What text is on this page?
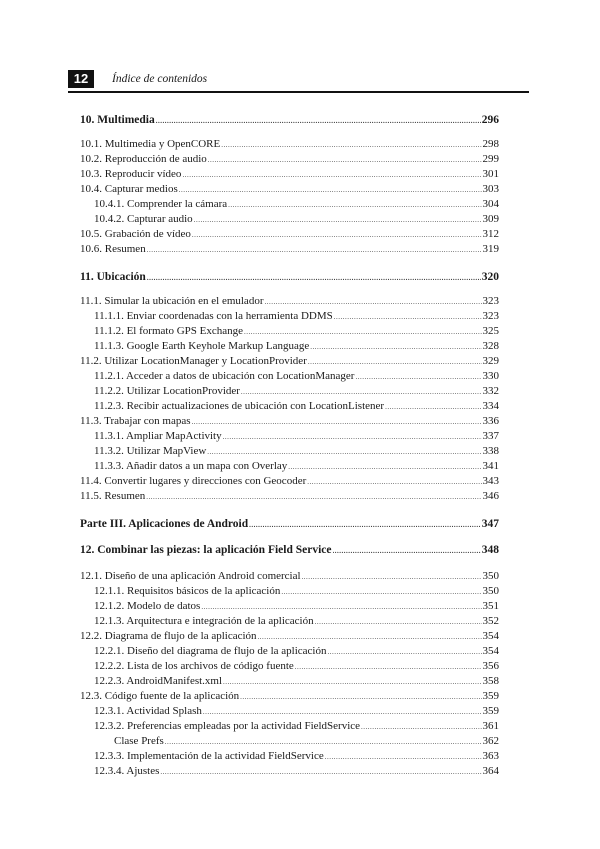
12	Índice de contenidos
10. Multimedia .....	296
10.1. Multimedia y OpenCORE .....	298
10.2. Reproducción de audio .....	299
10.3. Reproducir vídeo .....	301
10.4. Capturar medios .....	303
10.4.1. Comprender la cámara .....	304
10.4.2. Capturar audio .....	309
10.5. Grabación de vídeo .....	312
10.6. Resumen .....	319
11. Ubicación .....	320
11.1. Simular la ubicación en el emulador .....	323
11.1.1. Enviar coordenadas con la herramienta DDMS .....	323
11.1.2. El formato GPS Exchange .....	325
11.1.3. Google Earth Keyhole Markup Language .....	328
11.2. Utilizar LocationManager y LocationProvider .....	329
11.2.1. Acceder a datos de ubicación con LocationManager .....	330
11.2.2. Utilizar LocationProvider .....	332
11.2.3. Recibir actualizaciones de ubicación con LocationListener .....	334
11.3. Trabajar con mapas .....	336
11.3.1. Ampliar MapActivity .....	337
11.3.2. Utilizar MapView .....	338
11.3.3. Añadir datos a un mapa con Overlay .....	341
11.4. Convertir lugares y direcciones con Geocoder .....	343
11.5. Resumen .....	346
Parte III. Aplicaciones de Android .....	347
12. Combinar las piezas: la aplicación Field Service .....	348
12.1. Diseño de una aplicación Android comercial .....	350
12.1.1. Requisitos básicos de la aplicación .....	350
12.1.2. Modelo de datos .....	351
12.1.3. Arquitectura e integración de la aplicación .....	352
12.2. Diagrama de flujo de la aplicación .....	354
12.2.1. Diseño del diagrama de flujo de la aplicación .....	354
12.2.2. Lista de los archivos de código fuente .....	356
12.2.3. AndroidManifest.xml .....	358
12.3. Código fuente de la aplicación .....	359
12.3.1. Actividad Splash .....	359
12.3.2. Preferencias empleadas por la actividad FieldService .....	361
Clase Prefs .....	362
12.3.3. Implementación de la actividad FieldService .....	363
12.3.4. Ajustes .....	364
